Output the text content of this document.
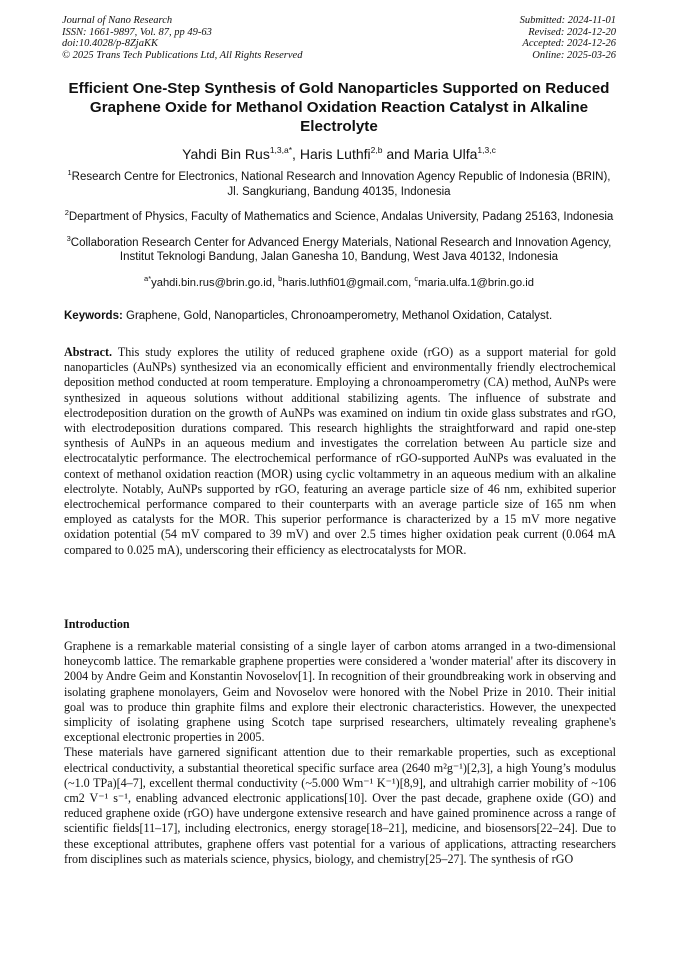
Journal of Nano Research
ISSN: 1661-9897, Vol. 87, pp 49-63
doi:10.4028/p-8ZjaKK
© 2025 Trans Tech Publications Ltd, All Rights Reserved
Submitted: 2024-11-01
Revised: 2024-12-20
Accepted: 2024-12-26
Online: 2025-03-26
Efficient One-Step Synthesis of Gold Nanoparticles Supported on Reduced Graphene Oxide for Methanol Oxidation Reaction Catalyst in Alkaline Electrolyte
Yahdi Bin Rus$^{1,3,a*}$, Haris Luthfi$^{2,b}$ and Maria Ulfa$^{1,3,c}$
$^1$Research Centre for Electronics, National Research and Innovation Agency Republic of Indonesia (BRIN), Jl. Sangkuriang, Bandung 40135, Indonesia
$^2$Department of Physics, Faculty of Mathematics and Science, Andalas University, Padang 25163, Indonesia
$^3$Collaboration Research Center for Advanced Energy Materials, National Research and Innovation Agency, Institut Teknologi Bandung, Jalan Ganesha 10, Bandung, West Java 40132, Indonesia
$^{a*}$yahdi.bin.rus@brin.go.id, $^b$haris.luthfi01@gmail.com, $^c$maria.ulfa.1@brin.go.id
Keywords: Graphene, Gold, Nanoparticles, Chronoamperometry, Methanol Oxidation, Catalyst.
Abstract. This study explores the utility of reduced graphene oxide (rGO) as a support material for gold nanoparticles (AuNPs) synthesized via an economically efficient and environmentally friendly electrochemical deposition method conducted at room temperature. Employing a chronoamperometry (CA) method, AuNPs were synthesized in aqueous solutions without additional stabilizing agents. The influence of substrate and electrodeposition duration on the growth of AuNPs was examined on indium tin oxide glass substrates and rGO, with electrodeposition durations compared. This research highlights the straightforward and rapid one-step synthesis of AuNPs in an aqueous medium and investigates the correlation between Au particle size and electrocatalytic performance. The electrochemical performance of rGO-supported AuNPs was evaluated in the context of methanol oxidation reaction (MOR) using cyclic voltammetry in an aqueous medium with an alkaline electrolyte. Notably, AuNPs supported by rGO, featuring an average particle size of 46 nm, exhibited superior electrochemical performance compared to their counterparts with an average particle size of 165 nm when employed as catalysts for the MOR. This superior performance is characterized by a 15 mV more negative oxidation potential (54 mV compared to 39 mV) and over 2.5 times higher oxidation peak current (0.064 mA compared to 0.025 mA), underscoring their efficiency as electrocatalysts for MOR.
Introduction

Graphene is a remarkable material consisting of a single layer of carbon atoms arranged in a two-dimensional honeycomb lattice. The remarkable graphene properties were considered a 'wonder material' after its discovery in 2004 by Andre Geim and Konstantin Novoselov[1]. In recognition of their groundbreaking work in observing and isolating graphene monolayers, Geim and Novoselov were honored with the Nobel Prize in 2010. Their initial goal was to produce thin graphite films and explore their electronic characteristics. However, the unexpected simplicity of isolating graphene using Scotch tape surprised researchers, ultimately revealing graphene's exceptional electronic properties in 2005.

These materials have garnered significant attention due to their remarkable properties, such as exceptional electrical conductivity, a substantial theoretical specific surface area (2640 m²g⁻¹)[2,3], a high Young’s modulus (~1.0 TPa)[4–7], excellent thermal conductivity (~5.000 Wm⁻¹ K⁻¹)[8,9], and ultrahigh carrier mobility of ~106 cm2 V⁻¹ s⁻¹, enabling advanced electronic applications[10]. Over the past decade, graphene oxide (GO) and reduced graphene oxide (rGO) have undergone extensive research and have gained prominence across a range of scientific fields[11–17], including electronics, energy storage[18–21], medicine, and biosensors[22–24]. Due to these exceptional attributes, graphene offers vast potential for a various of applications, attracting researchers from disciplines such as materials science, physics, biology, and chemistry[25–27]. The synthesis of rGO
